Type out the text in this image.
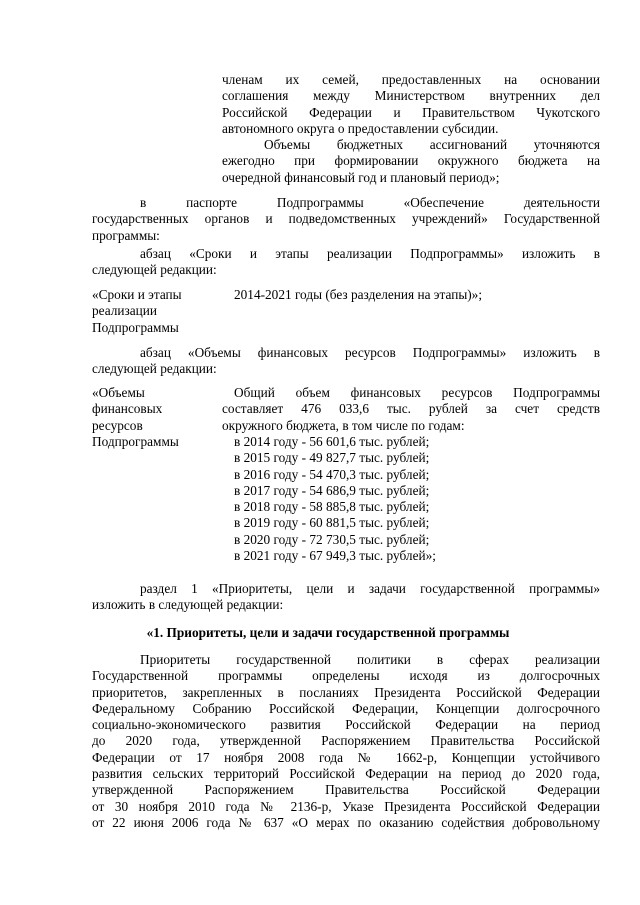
членам их семей, предоставленных на основании
соглашения между Министерством внутренних дел
Российской Федерации и Правительством Чукотского
автономного округа о предоставлении субсидии.
Объемы бюджетных ассигнований уточняются
ежегодно при формировании окружного бюджета на
очередной финансовый год и плановый период»;
в паспорте Подпрограммы «Обеспечение деятельности
государственных органов и подведомственных учреждений» Государственной
программы:
абзац «Сроки и этапы реализации Подпрограммы» изложить в
следующей редакции:
«Сроки и этапы
реализации
Подпрограммы
2014-2021 годы (без разделения на этапы)»;
абзац «Объемы финансовых ресурсов Подпрограммы» изложить в
следующей редакции:
«Объемы
финансовых
ресурсов
Подпрограммы
Общий объем финансовых ресурсов Подпрограммы
составляет 476 033,6 тыс. рублей за счет средств
окружного бюджета, в том числе по годам:
в 2014 году - 56 601,6 тыс. рублей;
в 2015 году - 49 827,7 тыс. рублей;
в 2016 году - 54 470,3 тыс. рублей;
в 2017 году - 54 686,9 тыс. рублей;
в 2018 году - 58 885,8 тыс. рублей;
в 2019 году - 60 881,5 тыс. рублей;
в 2020 году - 72 730,5 тыс. рублей;
в 2021 году - 67 949,3 тыс. рублей»;
раздел 1 «Приоритеты, цели и задачи государственной программы»
изложить в следующей редакции:
«1. Приоритеты, цели и задачи государственной программы
Приоритеты государственной политики в сферах реализации
Государственной программы определены исходя из долгосрочных
приоритетов, закрепленных в посланиях Президента Российской Федерации
Федеральному Собранию Российской Федерации, Концепции долгосрочного
социально-экономического развития Российской Федерации на период
до 2020 года, утвержденной Распоряжением Правительства Российской
Федерации от 17 ноября 2008 года № 1662-р, Концепции устойчивого
развития сельских территорий Российской Федерации на период до 2020 года,
утвержденной Распоряжением Правительства Российской Федерации
от 30 ноября 2010 года № 2136-р, Указе Президента Российской Федерации
от 22 июня 2006 года № 637 «О мерах по оказанию содействия добровольному
